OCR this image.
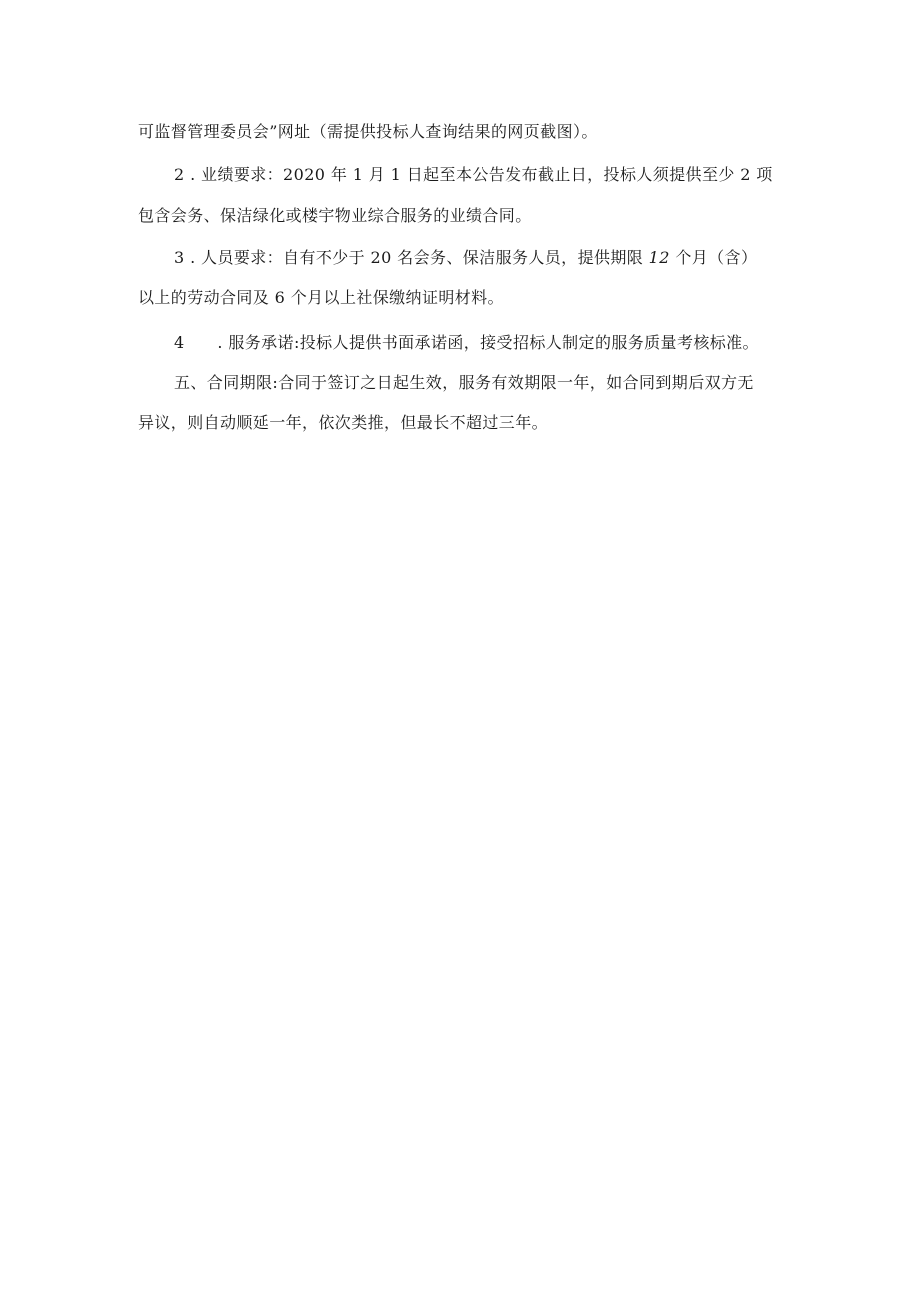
可监督管理委员会”网址（需提供投标人查询结果的网页截图）。
2 . 业绩要求：2020 年 1 月 1 日起至本公告发布截止日，投标人须提供至少 2 项
包含会务、保洁绿化或楼宇物业综合服务的业绩合同。
3 . 人员要求：自有不少于 20 名会务、保洁服务人员，提供期限 12 个月（含）
以上的劳动合同及 6 个月以上社保缴纳证明材料。
4　　. 服务承诺:投标人提供书面承诺函，接受招标人制定的服务质量考核标准。
五、合同期限:合同于签订之日起生效，服务有效期限一年，如合同到期后双方无
异议，则自动顺延一年，依次类推，但最长不超过三年。
